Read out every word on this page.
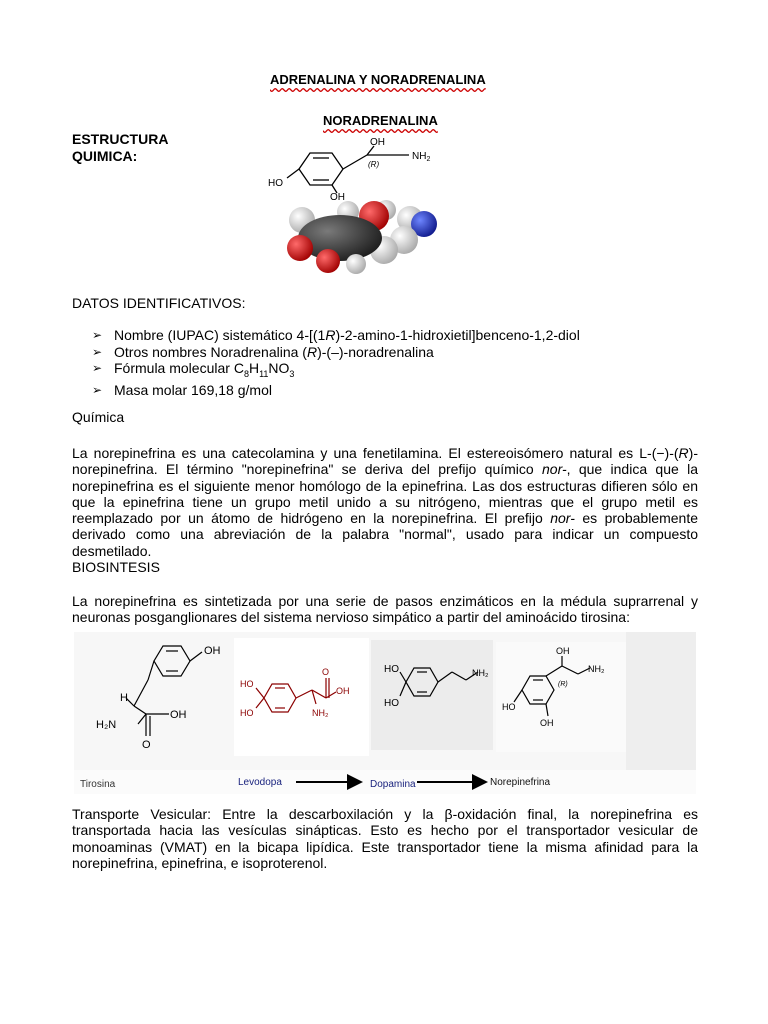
ADRENALINA Y NORADRENALINA
NORADRENALINA
ESTRUCTURA
QUIMICA:
OH
(R)
$NH_2$
HO
OH
DATOS IDENTIFICATIVOS:
➢ Nombre (IUPAC) sistemático 4-[(1R)-2-amino-1-hidroxietil]benceno-1,2-diol
➢ Otros nombres Noradrenalina (R)-(–)-noradrenalina
➢ Fórmula molecular $C_8H_{11}NO_3$
➢ Masa molar 169,18 g/mol
Química
La norepinefrina es una catecolamina y una fenetilamina. El estereoisómero natural es L-(−)-(R)-norepinefrina. El término "norepinefrina" se deriva del prefijo químico nor-, que indica que la norepinefrina es el siguiente menor homólogo de la epinefrina. Las dos estructuras difieren sólo en que la epinefrina tiene un grupo metil unido a su nitrógeno, mientras que el grupo metil es reemplazado por un átomo de hidrógeno en la norepinefrina. El prefijo nor- es probablemente derivado como una abreviación de la palabra "normal", usado para indicar un compuesto desmetilado.
BIOSINTESIS
La norepinefrina es sintetizada por una serie de pasos enzimáticos en la médula suprarrenal y neuronas posganglionares del sistema nervioso simpático a partir del aminoácido tirosina:
OH
H
H₂N
OH
O
HO
HO
OH
O
NH₂
HO
HO
NH₂
OH
(R)
NH₂
HO
OH
Tirosina	Levodopa	Dopamina	Norepinefrina
Transporte Vesicular: Entre la descarboxilación y la β-oxidación final, la norepinefrina es transportada hacia las vesículas sinápticas. Esto es hecho por el transportador vesicular de monoaminas (VMAT) en la bicapa lipídica. Este transportador tiene la misma afinidad para la norepinefrina, epinefrina, e isoproterenol.
